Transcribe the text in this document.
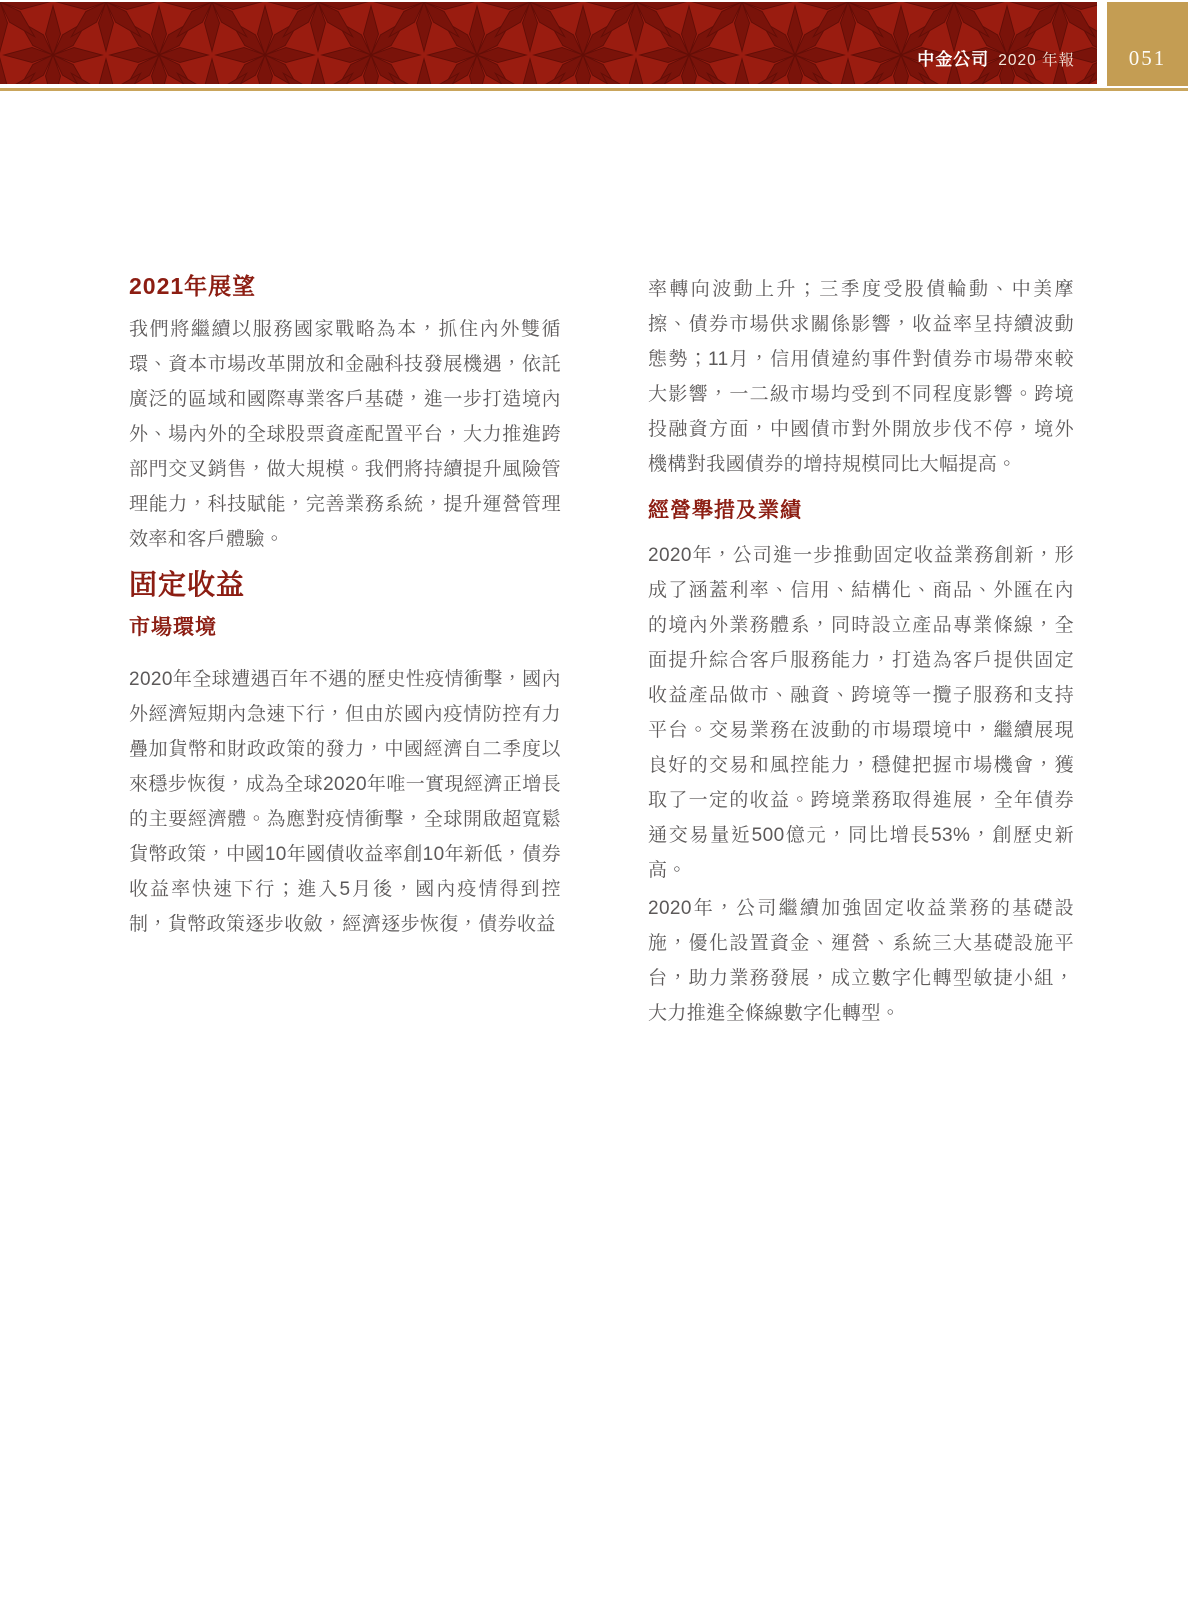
中金公司 2020 年報	051
2021年展望

我們將繼續以服務國家戰略為本，抓住內外雙循環、資本市場改革開放和金融科技發展機遇，依託廣泛的區域和國際專業客戶基礎，進一步打造境內外、場內外的全球股票資產配置平台，大力推進跨部門交叉銷售，做大規模。我們將持續提升風險管理能力，科技賦能，完善業務系統，提升運營管理效率和客戶體驗。

固定收益
市場環境

2020年全球遭遇百年不遇的歷史性疫情衝擊，國內外經濟短期內急速下行，但由於國內疫情防控有力疊加貨幣和財政政策的發力，中國經濟自二季度以來穩步恢復，成為全球2020年唯一實現經濟正增長的主要經濟體。為應對疫情衝擊，全球開啟超寬鬆貨幣政策，中國10年國債收益率創10年新低，債券收益率快速下行；進入5月後，國內疫情得到控制，貨幣政策逐步收斂，經濟逐步恢復，債券收益

率轉向波動上升；三季度受股債輪動、中美摩擦、債券市場供求關係影響，收益率呈持續波動態勢；11月，信用債違約事件對債券市場帶來較大影響，一二級市場均受到不同程度影響。跨境投融資方面，中國債市對外開放步伐不停，境外機構對我國債券的增持規模同比大幅提高。

經營舉措及業績

2020年，公司進一步推動固定收益業務創新，形成了涵蓋利率、信用、結構化、商品、外匯在內的境內外業務體系，同時設立產品專業條線，全面提升綜合客戶服務能力，打造為客戶提供固定收益產品做市、融資、跨境等一攬子服務和支持平台。交易業務在波動的市場環境中，繼續展現良好的交易和風控能力，穩健把握市場機會，獲取了一定的收益。跨境業務取得進展，全年債券通交易量近500億元，同比增長53%，創歷史新高。

2020年，公司繼續加強固定收益業務的基礎設施，優化設置資金、運營、系統三大基礎設施平台，助力業務發展，成立數字化轉型敏捷小組，大力推進全條線數字化轉型。
